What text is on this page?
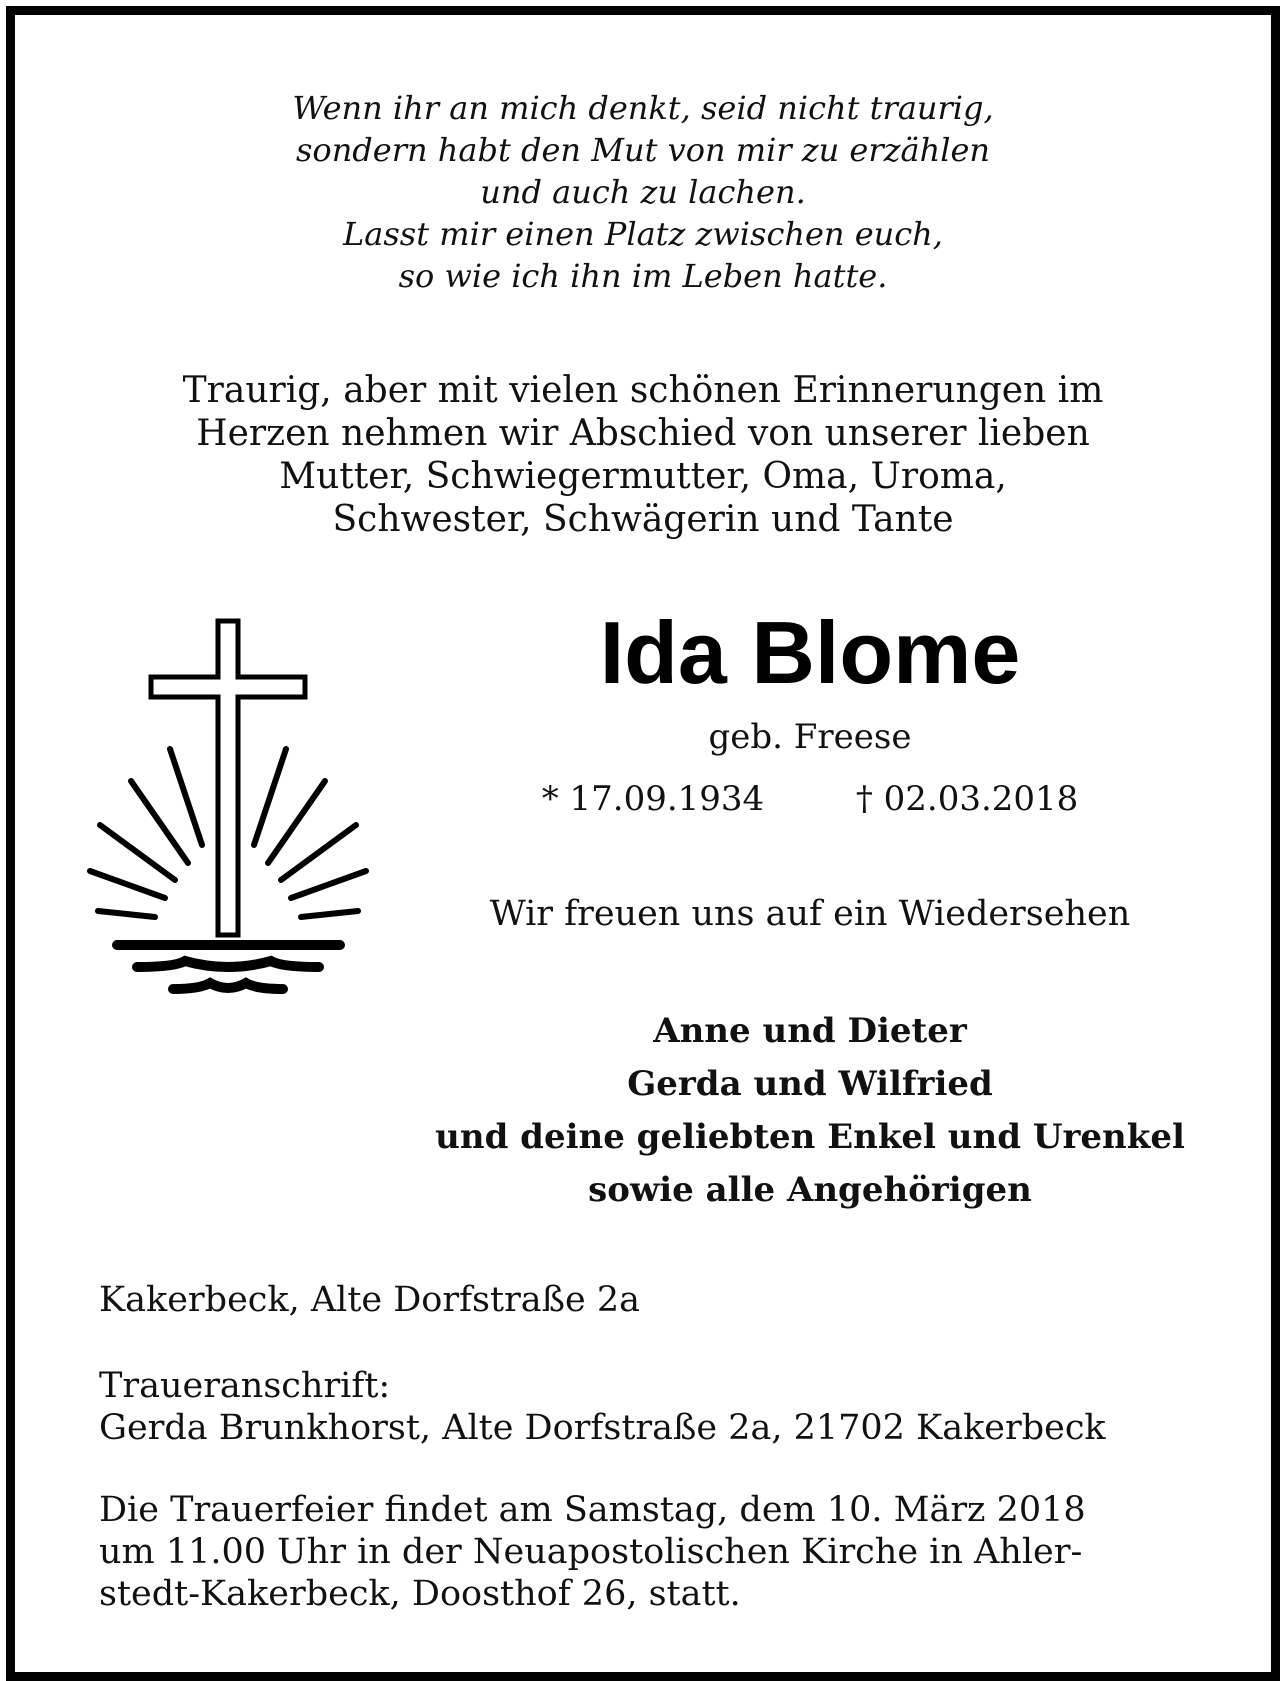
Wenn ihr an mich denkt, seid nicht traurig,
sondern habt den Mut von mir zu erzählen
und auch zu lachen.
Lasst mir einen Platz zwischen euch,
so wie ich ihn im Leben hatte.
Traurig, aber mit vielen schönen Erinnerungen im
Herzen nehmen wir Abschied von unserer lieben
Mutter, Schwiegermutter, Oma, Uroma,
Schwester, Schwägerin und Tante
Ida Blome
geb. Freese
* 17.09.1934	† 02.03.2018
Wir freuen uns auf ein Wiedersehen
Anne und Dieter
Gerda und Wilfried
und deine geliebten Enkel und Urenkel
sowie alle Angehörigen
Kakerbeck, Alte Dorfstraße 2a
Traueranschrift:
Gerda Brunkhorst, Alte Dorfstraße 2a, 21702 Kakerbeck
Die Trauerfeier findet am Samstag, dem 10. März 2018
um 11.00 Uhr in der Neuapostolischen Kirche in Ahler-
stedt-Kakerbeck, Doosthof 26, statt.
